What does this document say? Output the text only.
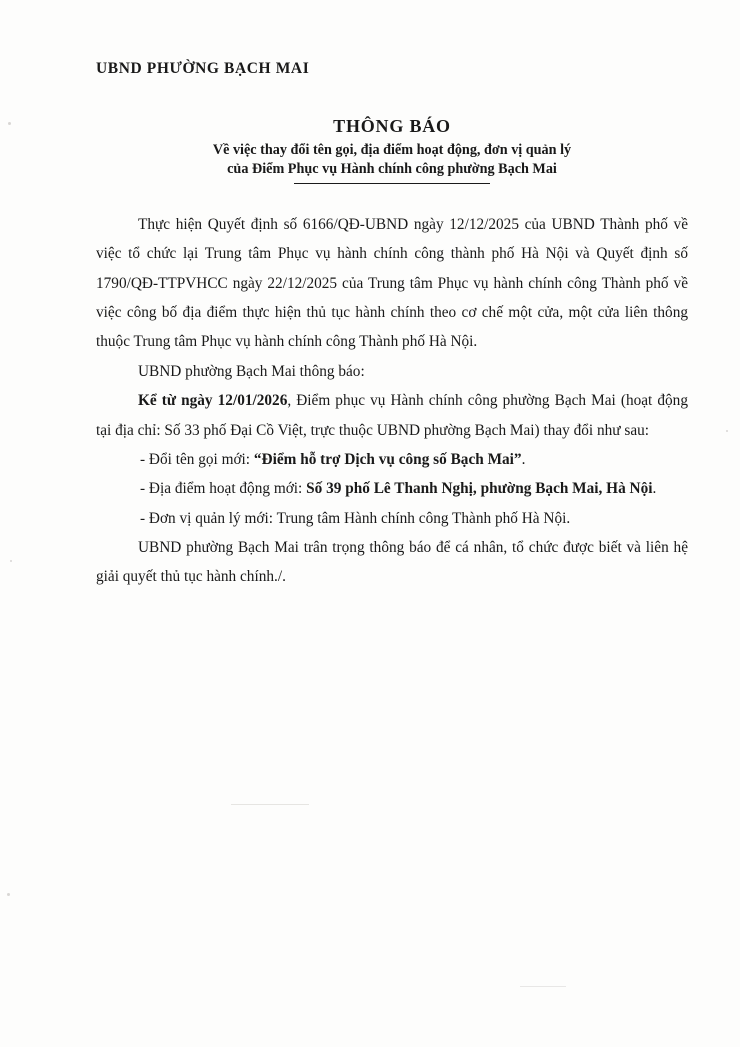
UBND PHƯỜNG BẠCH MAI
THÔNG BÁO
Về việc thay đổi tên gọi, địa điểm hoạt động, đơn vị quản lý
của Điểm Phục vụ Hành chính công phường Bạch Mai

Thực hiện Quyết định số 6166/QĐ-UBND ngày 12/12/2025 của UBND Thành phố về việc tổ chức lại Trung tâm Phục vụ hành chính công thành phố Hà Nội và Quyết định số 1790/QĐ-TTPVHCC ngày 22/12/2025 của Trung tâm Phục vụ hành chính công Thành phố về việc công bố địa điểm thực hiện thủ tục hành chính theo cơ chế một cửa, một cửa liên thông thuộc Trung tâm Phục vụ hành chính công Thành phố Hà Nội.

UBND phường Bạch Mai thông báo:

Kể từ ngày 12/01/2026, Điểm phục vụ Hành chính công phường Bạch Mai (hoạt động tại địa chỉ: Số 33 phố Đại Cồ Việt, trực thuộc UBND phường Bạch Mai) thay đổi như sau:

- Đổi tên gọi mới: “Điểm hỗ trợ Dịch vụ công số Bạch Mai”.

- Địa điểm hoạt động mới: Số 39 phố Lê Thanh Nghị, phường Bạch Mai, Hà Nội.

- Đơn vị quản lý mới: Trung tâm Hành chính công Thành phố Hà Nội.

UBND phường Bạch Mai trân trọng thông báo để cá nhân, tổ chức được biết và liên hệ giải quyết thủ tục hành chính./.
